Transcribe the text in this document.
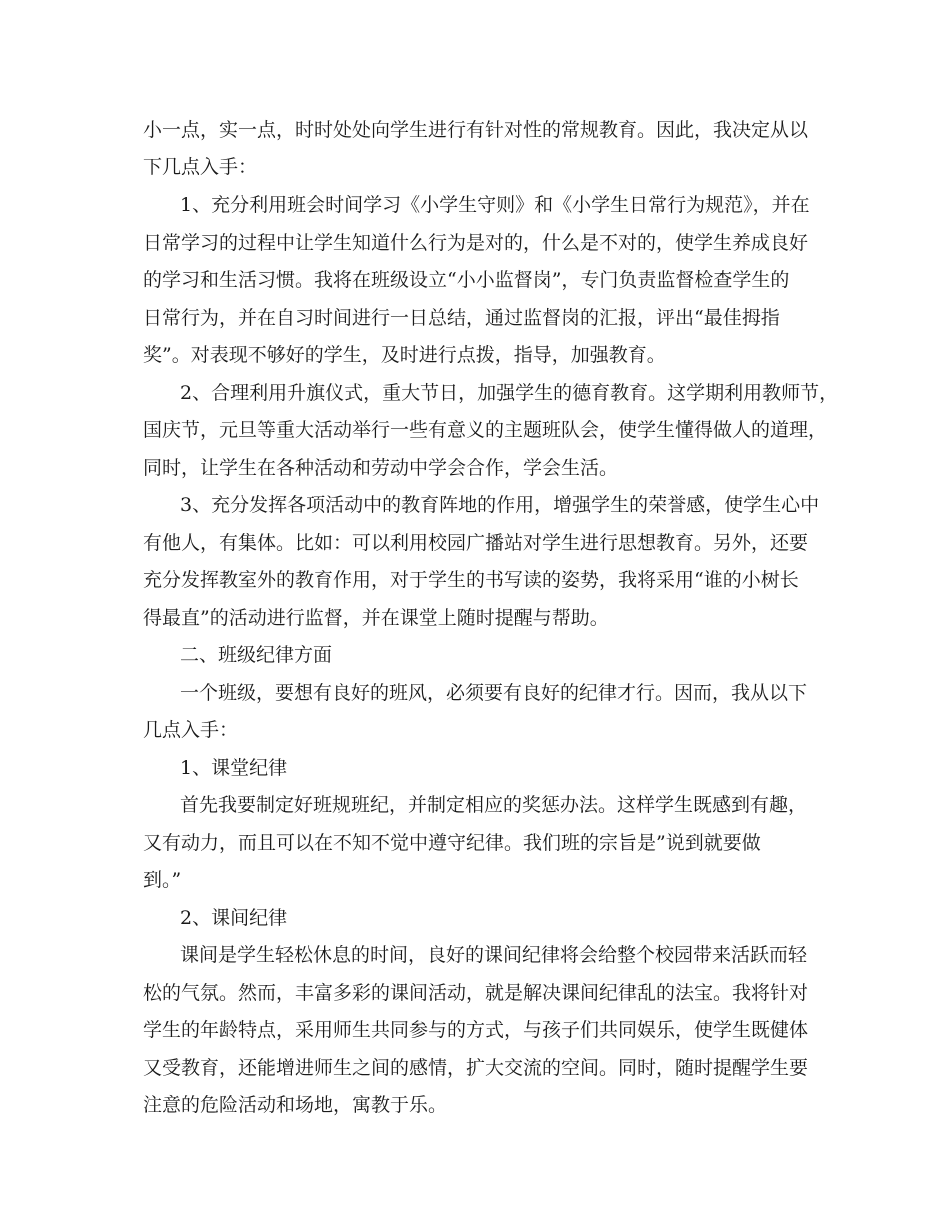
小一点，实一点，时时处处向学生进行有针对性的常规教育。因此，我决定从以

下几点入手：

1、充分利用班会时间学习《小学生守则》和《小学生日常行为规范》，并在

日常学习的过程中让学生知道什么行为是对的，什么是不对的，使学生养成良好

的学习和生活习惯。我将在班级设立“小小监督岗”，专门负责监督检查学生的

日常行为，并在自习时间进行一日总结，通过监督岗的汇报，评出“最佳拇指

奖”。对表现不够好的学生，及时进行点拨，指导，加强教育。

2、合理利用升旗仪式，重大节日，加强学生的德育教育。这学期利用教师节，

国庆节，元旦等重大活动举行一些有意义的主题班队会，使学生懂得做人的道理，

同时，让学生在各种活动和劳动中学会合作，学会生活。

3、充分发挥各项活动中的教育阵地的作用，增强学生的荣誉感，使学生心中

有他人，有集体。比如：可以利用校园广播站对学生进行思想教育。另外，还要

充分发挥教室外的教育作用，对于学生的书写读的姿势，我将采用“谁的小树长

得最直”的活动进行监督，并在课堂上随时提醒与帮助。

二、班级纪律方面

一个班级，要想有良好的班风，必须要有良好的纪律才行。因而，我从以下

几点入手：

1、课堂纪律

首先我要制定好班规班纪，并制定相应的奖惩办法。这样学生既感到有趣，

又有动力，而且可以在不知不觉中遵守纪律。我们班的宗旨是”说到就要做

到。”

2、课间纪律

课间是学生轻松休息的时间，良好的课间纪律将会给整个校园带来活跃而轻

松的气氛。然而，丰富多彩的课间活动，就是解决课间纪律乱的法宝。我将针对

学生的年龄特点，采用师生共同参与的方式，与孩子们共同娱乐，使学生既健体

又受教育，还能增进师生之间的感情，扩大交流的空间。同时，随时提醒学生要

注意的危险活动和场地，寓教于乐。
